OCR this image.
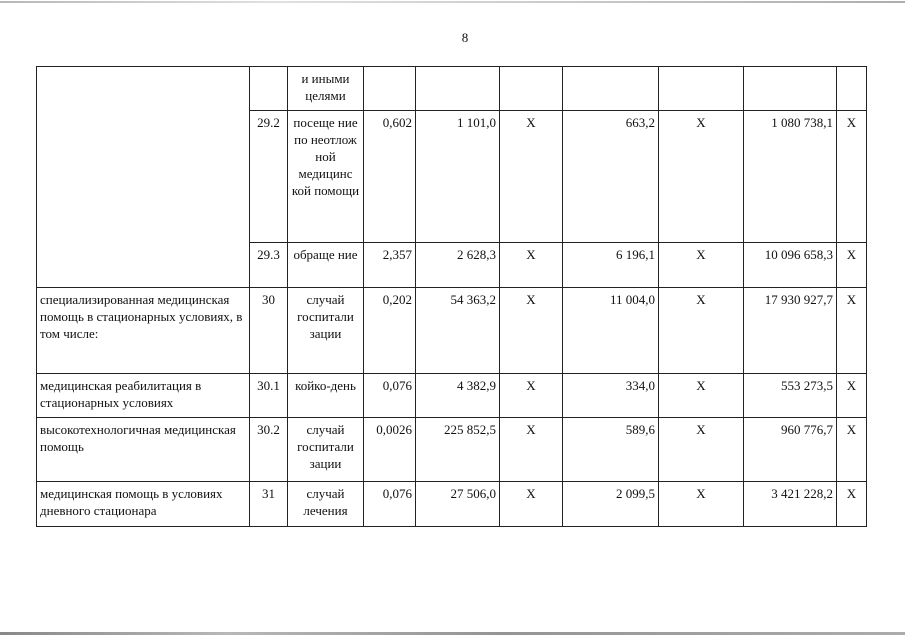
8
		и иными целями							
	29.2	посеще ние по неотлож ной медицинс кой помощи	0,602	1 101,0	X	663,2	X	1 080 738,1	X
	29.3	обраще ние	2,357	2 628,3	X	6 196,1	X	10 096 658,3	X
специализированная медицинская помощь в стационарных условиях, в том числе:	30	случай госпитали зации	0,202	54 363,2	X	11 004,0	X	17 930 927,7	X
медицинская реабилитация в стационарных условиях	30.1	койко-день	0,076	4 382,9	X	334,0	X	553 273,5	X
высокотехнологичная медицинская помощь	30.2	случай госпитали зации	0,0026	225 852,5	X	589,6	X	960 776,7	X
медицинская помощь в условиях дневного стационара	31	случай лечения	0,076	27 506,0	X	2 099,5	X	3 421 228,2	X
